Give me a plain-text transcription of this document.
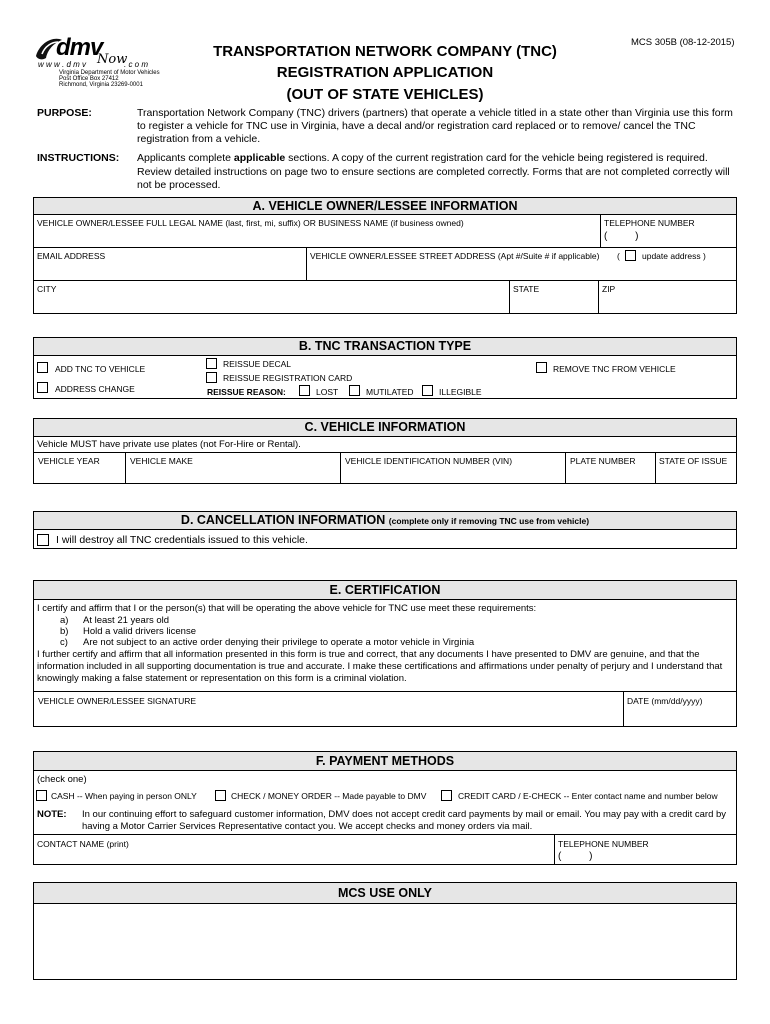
MCS 305B (08-12-2015)
dmv
w w w . d m v Now
. c o m
Virginia Department of Motor Vehicles
Post Office Box 27412
Richmond, Virginia 23269-0001
TRANSPORTATION NETWORK COMPANY (TNC)
REGISTRATION APPLICATION
(OUT OF STATE VEHICLES)
PURPOSE:	Transportation Network Company (TNC) drivers (partners) that operate a vehicle titled in a state other than Virginia use this form to register a vehicle for TNC use in Virginia, have a decal and/or registration card replaced or to remove/ cancel the TNC registration from a vehicle.
INSTRUCTIONS: Applicants complete applicable sections. A copy of the current registration card for the vehicle being registered is required. Review detailed instructions on page two to ensure sections are completed correctly. Forms that are not completed correctly will not be processed.
A. VEHICLE OWNER/LESSEE INFORMATION
VEHICLE OWNER/LESSEE FULL LEGAL NAME (last, first, mi, suffix) OR BUSINESS NAME (if business owned)	TELEPHONE NUMBER
(          )
EMAIL ADDRESS	VEHICLE OWNER/LESSEE STREET ADDRESS (Apt #/Suite # if applicable) (	update address )
CITY	STATE	ZIP
B. TNC TRANSACTION TYPE
ADD TNC TO VEHICLE
ADDRESS CHANGE
REISSUE DECAL
REISSUE REGISTRATION CARD
REISSUE REASON:	LOST	MUTILATED	ILLEGIBLE
REMOVE TNC FROM VEHICLE
C. VEHICLE INFORMATION
Vehicle MUST have private use plates (not For-Hire or Rental).
VEHICLE YEAR	VEHICLE MAKE	VEHICLE IDENTIFICATION NUMBER (VIN)	PLATE NUMBER	STATE OF ISSUE
D. CANCELLATION INFORMATION (complete only if removing TNC use from vehicle)
I will destroy all TNC credentials issued to this vehicle.
E. CERTIFICATION
I certify and affirm that I or the person(s) that will be operating the above vehicle for TNC use meet these requirements:
a) At least 21 years old
b) Hold a valid drivers license
c) Are not subject to an active order denying their privilege to operate a motor vehicle in Virginia
I further certify and affirm that all information presented in this form is true and correct, that any documents I have presented to DMV are genuine, and that the information included in all supporting documentation is true and accurate. I make these certifications and affirmations under penalty of perjury and I understand that knowingly making a false statement or representation on this form is a criminal violation.
VEHICLE OWNER/LESSEE SIGNATURE	DATE (mm/dd/yyyy)
F. PAYMENT METHODS
(check one)
CASH -- When paying in person ONLY	CHECK / MONEY ORDER -- Made payable to DMV	CREDIT CARD / E-CHECK -- Enter contact name and number below
NOTE: In our continuing effort to safeguard customer information, DMV does not accept credit card payments by mail or email. You may pay with a credit card by having a Motor Carrier Services Representative contact you. We accept checks and money orders via mail.
CONTACT NAME (print)	TELEPHONE NUMBER
(          )
MCS USE ONLY
